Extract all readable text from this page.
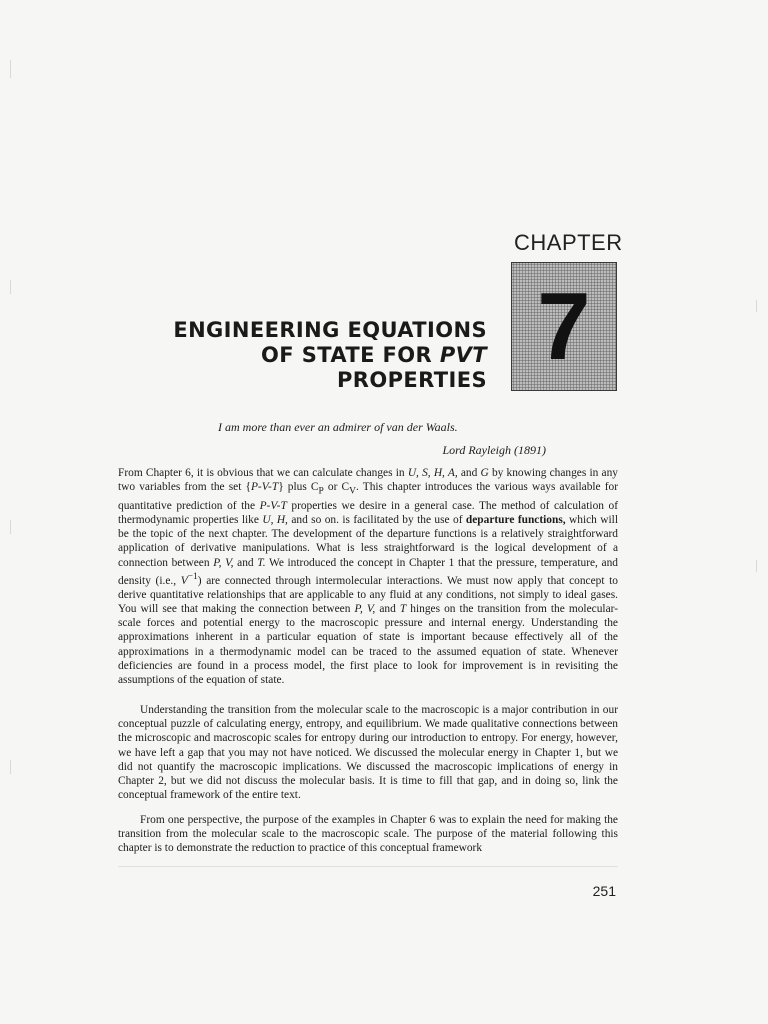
CHAPTER
7
ENGINEERING EQUATIONS
OF STATE FOR PVT
PROPERTIES
I am more than ever an admirer of van der Waals.
Lord Rayleigh (1891)

From Chapter 6, it is obvious that we can calculate changes in U, S, H, A, and G by knowing changes in any two variables from the set {P-V-T} plus $C_P$ or $C_V$. This chapter introduces the various ways available for quantitative prediction of the P-V-T properties we desire in a general case. The method of calculation of thermodynamic properties like U, H, and so on. is facilitated by the use of departure functions, which will be the topic of the next chapter. The development of the departure functions is a relatively straightforward application of derivative manipulations. What is less straightforward is the logical development of a connection between P, V, and T. We introduced the concept in Chapter 1 that the pressure, temperature, and density (i.e., $V^{-1}$) are connected through intermolecular interactions. We must now apply that concept to derive quantitative relationships that are applicable to any fluid at any conditions, not simply to ideal gases. You will see that making the connection between P, V, and T hinges on the transition from the molecular-scale forces and potential energy to the macroscopic pressure and internal energy. Understanding the approximations inherent in a particular equation of state is important because effectively all of the approximations in a thermodynamic model can be traced to the assumed equation of state. Whenever deficiencies are found in a process model, the first place to look for improvement is in revisiting the assumptions of the equation of state.

Understanding the transition from the molecular scale to the macroscopic is a major contribution in our conceptual puzzle of calculating energy, entropy, and equilibrium. We made qualitative connections between the microscopic and macroscopic scales for entropy during our introduction to entropy. For energy, however, we have left a gap that you may not have noticed. We discussed the molecular energy in Chapter 1, but we did not quantify the macroscopic implications. We discussed the macroscopic implications of energy in Chapter 2, but we did not discuss the molecular basis. It is time to fill that gap, and in doing so, link the conceptual framework of the entire text.

From one perspective, the purpose of the examples in Chapter 6 was to explain the need for making the transition from the molecular scale to the macroscopic scale. The purpose of the material following this chapter is to demonstrate the reduction to practice of this conceptual framework

251
